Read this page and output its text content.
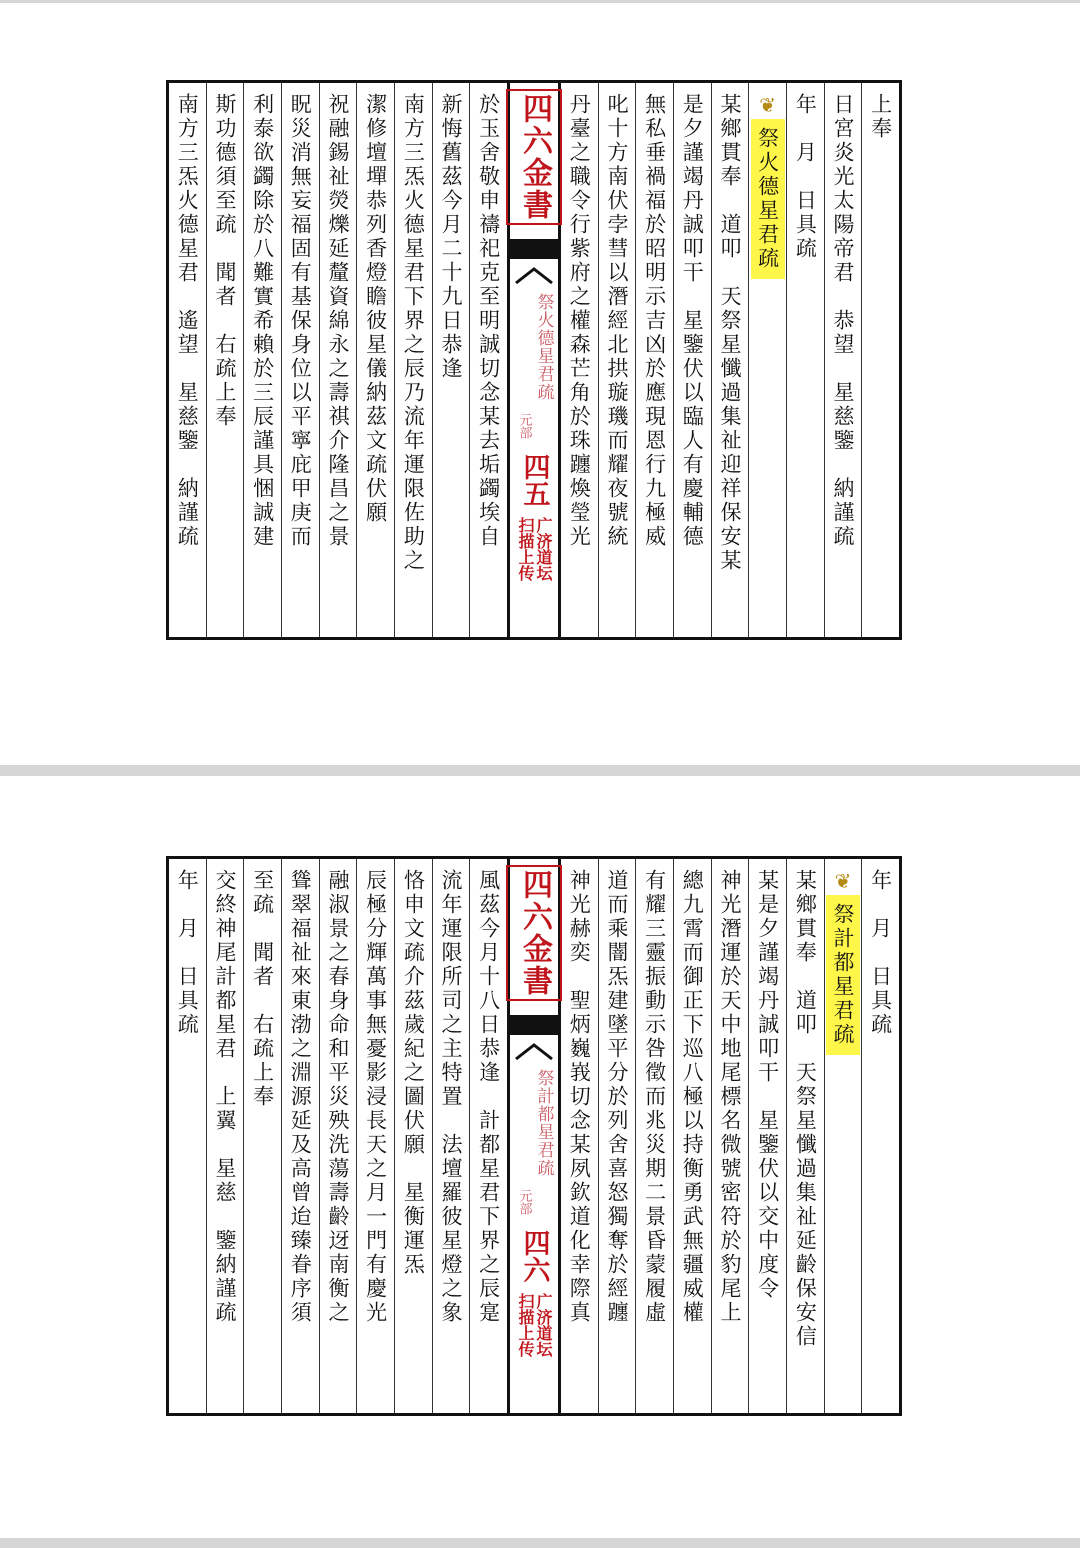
上奉
日宮炎光太陽帝君　恭望　星慈鑒　納謹疏
年　月　日具疏
❦
祭火德星君疏
某鄉貫奉　道叩　天祭星懺過集祉迎祥保安某
是夕謹竭丹誠叩干　星鑒伏以臨人有慶輔德
無私垂禍福於昭明示吉凶於應現恩行九極威
叱十方南伏孛彗以潛經北拱璇璣而耀夜號統
丹臺之職令行紫府之權森芒角於珠躔煥瑩光
四六金書
祭火德星君疏
元部
四五
广济道坛
扫描上传
於玉舍敬申禱祀克至明誠切念某去垢蠲埃自
新悔舊茲今月二十九日恭逢
南方三炁火德星君下界之辰乃流年運限佐助之
潔修壇墠恭列香燈瞻彼星儀納茲文疏伏願
祝融錫祉熒爍延釐資綿永之壽祺介隆昌之景
眖災消無妄福固有基保身位以平寧庇甲庚而
利泰欲蠲除於八難實希賴於三辰謹具悃誠建
斯功德須至疏　聞者　右疏上奉
南方三炁火德星君　遙望　星慈鑒　納謹疏
年　月　日具疏
❦
祭計都星君疏
某鄉貫奉　道叩　天祭星懺過集祉延齡保安信
某是夕謹竭丹誠叩干　星鑒伏以交中度令
神光潛運於天中地尾標名微號密符於豹尾上
總九霄而御正下巡八極以持衡勇武無疆威權
有耀三靈振動示咎徵而兆災期二景昏蒙履虛
道而乘闇炁建墜平分於列舍喜怒獨奪於經躔
神光赫奕　聖炳巍峩切念某夙欽道化幸際真
四六金書
祭計都星君疏
元部
四六
广济道坛
扫描上传
風茲今月十八日恭逢　計都星君下界之辰寔
流年運限所司之主特置　法壇羅彼星燈之象
恪申文疏介茲歲紀之圖伏願　星衡運炁
辰極分輝萬事無憂影浸長天之月一門有慶光
融淑景之春身命和平災殃洗蕩壽齡迓南衡之
聳翠福祉來東渤之淵源延及高曾迨臻眷序須
至疏　聞者　右疏上奉
交終神尾計都星君　上翼　星慈　鑒納謹疏
年　月　日具疏
